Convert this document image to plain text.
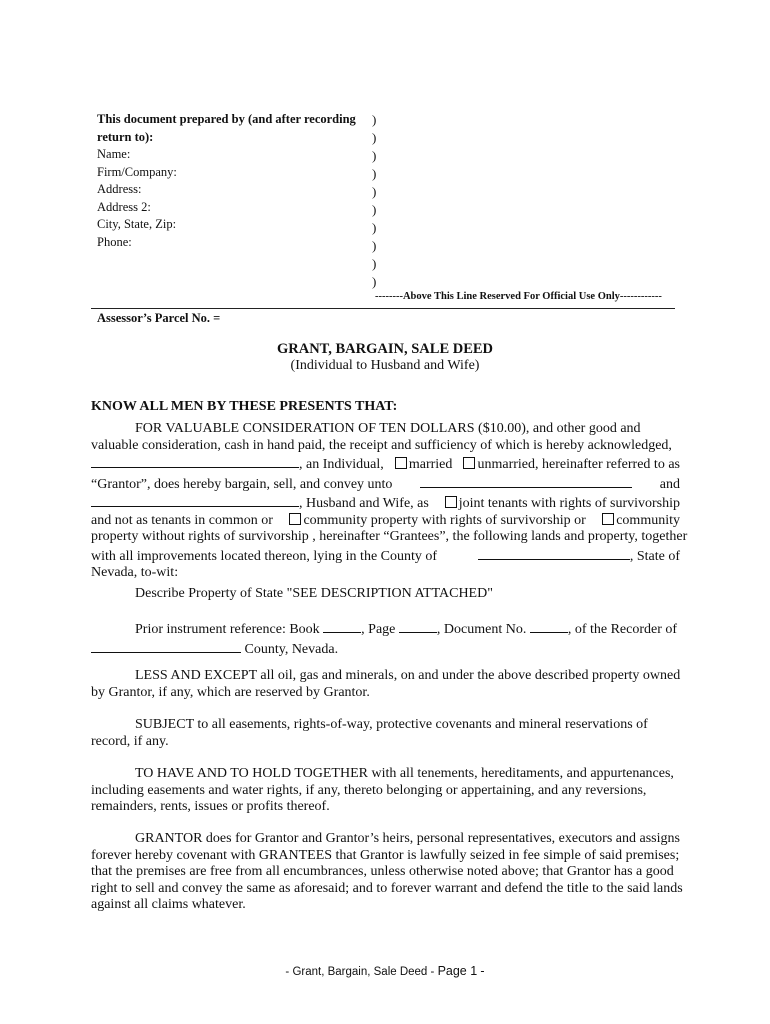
This document prepared by (and after recording
return to):
Name:
Firm/Company:
Address:
Address 2:
City, State, Zip:
Phone:
)
)
)
)
)
)
)
)
)
)
--------Above This Line Reserved For Official Use Only------------
Assessor’s Parcel No. =
GRANT, BARGAIN, SALE DEED
(Individual to Husband and Wife)
KNOW ALL MEN BY THESE PRESENTS THAT:
FOR VALUABLE CONSIDERATION OF TEN DOLLARS ($10.00), and other good and
valuable consideration, cash in hand paid, the receipt and sufficiency of which is hereby acknowledged,
, an Individual,	married	unmarried, hereinafter referred to as
“Grantor”, does hereby bargain, sell, and convey unto	and
, Husband and Wife, as	joint tenants with rights of survivorship
and not as tenants in common or	community property with rights of survivorship or	community
property without rights of survivorship , hereinafter “Grantees”, the following lands and property, together
with all improvements located thereon, lying in the County of	, State of
Nevada, to-wit:
Describe Property of State "SEE DESCRIPTION ATTACHED"
Prior instrument reference: Book
	, Page
	, Document No.
	, of the Recorder of

County, Nevada.
LESS AND EXCEPT all oil, gas and minerals, on and under the above described property owned
by Grantor, if any, which are reserved by Grantor.
SUBJECT to all easements, rights-of-way, protective covenants and mineral reservations of
record, if any.
TO HAVE AND TO HOLD TOGETHER with all tenements, hereditaments, and appurtenances,
including easements and water rights, if any, thereto belonging or appertaining, and any reversions,
remainders, rents, issues or profits thereof.
GRANTOR does for Grantor and Grantor’s heirs, personal representatives, executors and assigns
forever hereby covenant with GRANTEES that Grantor is lawfully seized in fee simple of said premises;
that the premises are free from all encumbrances, unless otherwise noted above; that Grantor has a good
right to sell and convey the same as aforesaid; and to forever warrant and defend the title to the said lands
against all claims whatever.
- Grant, Bargain, Sale Deed - Page 1 -
